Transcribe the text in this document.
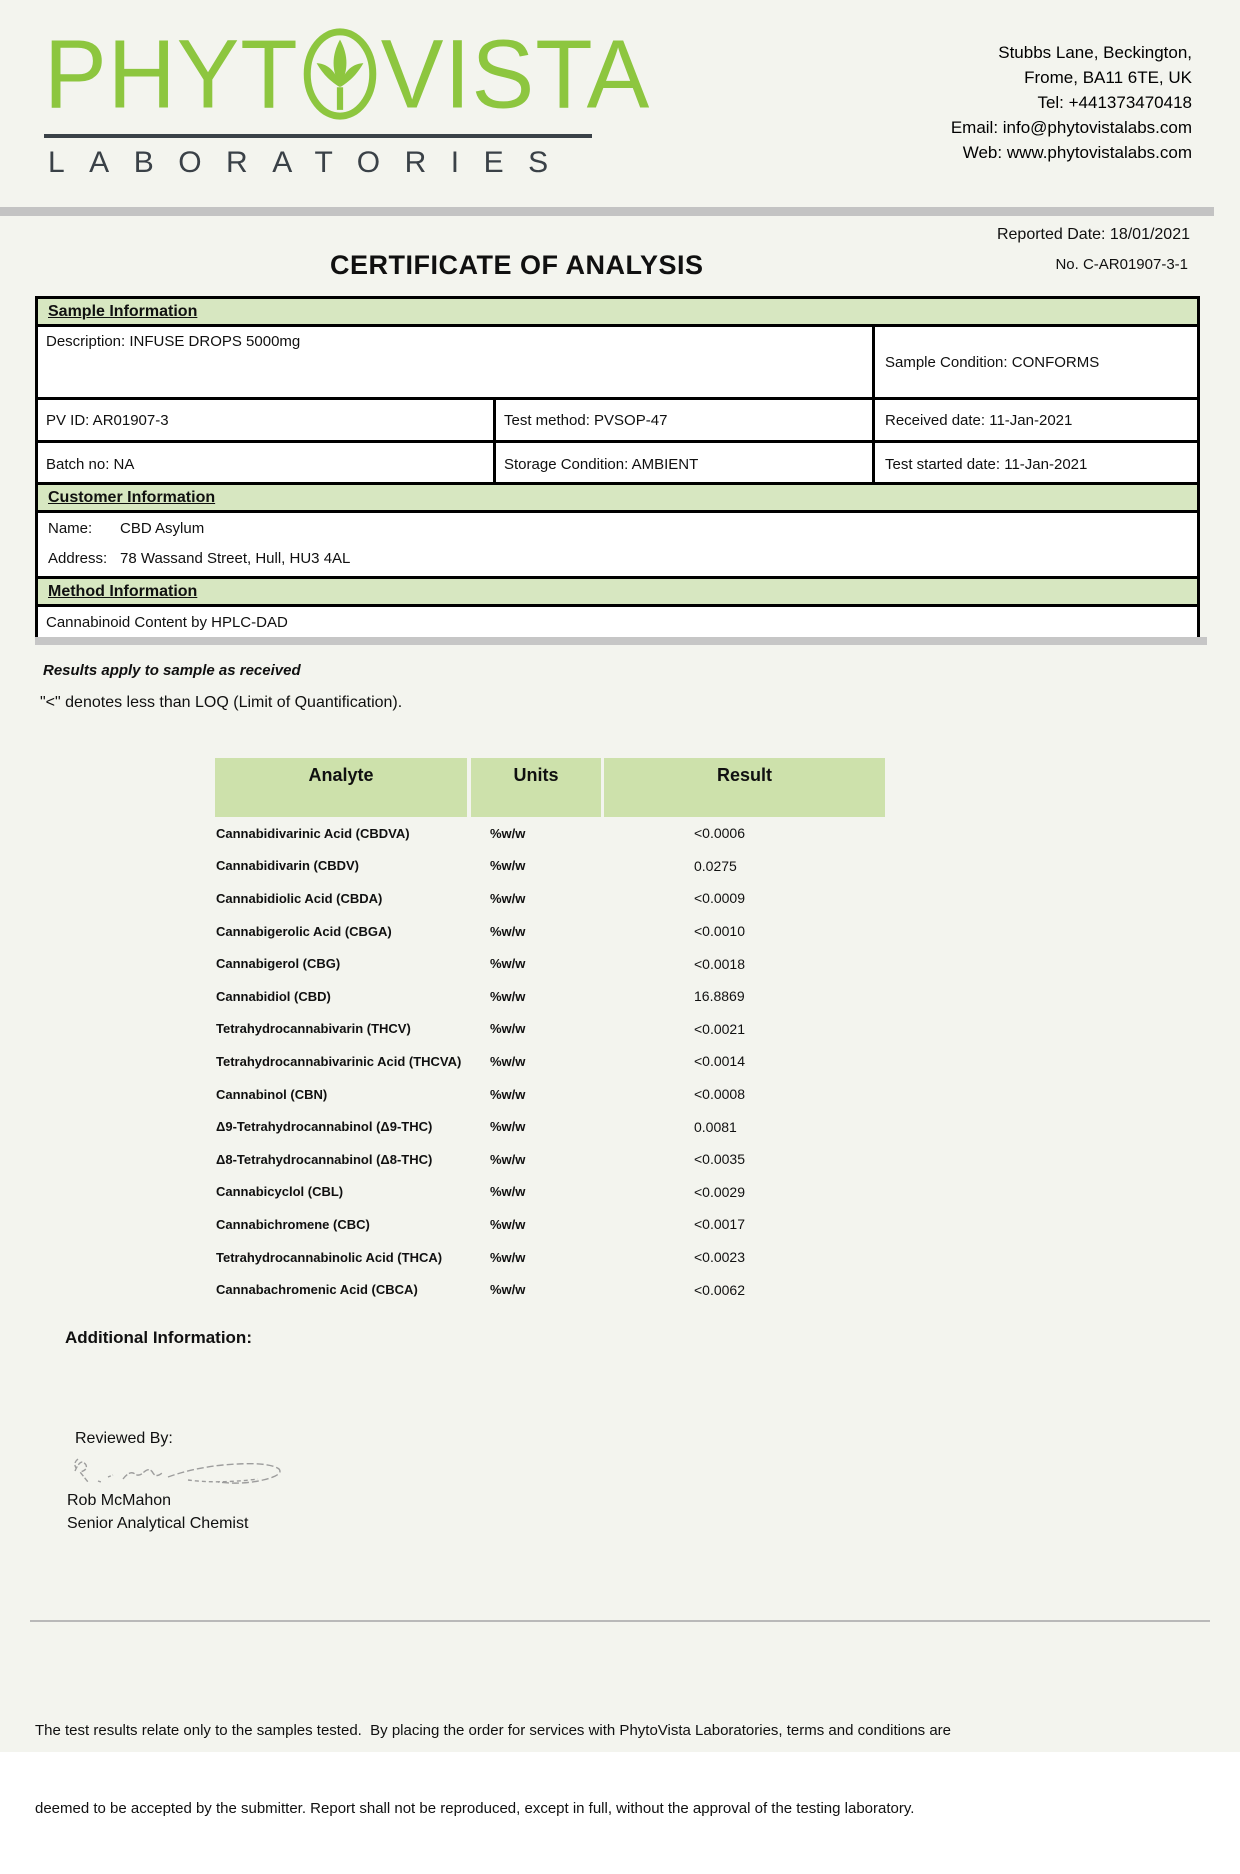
PHYT VISTA
LABORATORIES
Stubbs Lane, Beckington,
Frome, BA11 6TE, UK
Tel: +441373470418
Email: info@phytovistalabs.com
Web: www.phytovistalabs.com
Reported Date: 18/01/2021
CERTIFICATE OF ANALYSIS	No. C-AR01907-3-1
Sample Information
Description: INFUSE DROPS 5000mg
Sample Condition: CONFORMS
PV ID: AR01907-3	Test method: PVSOP-47	Received date: 11-Jan-2021
Batch no: NA	Storage Condition: AMBIENT	Test started date: 11-Jan-2021
Customer Information
Name:	CBD Asylum
Address: 78 Wassand Street, Hull, HU3 4AL
Method Information
Cannabinoid Content by HPLC-DAD
Results apply to sample as received
"<" denotes less than LOQ (Limit of Quantification).
Analyte	Units	Result
Cannabidivarinic Acid (CBDVA)	%w/w	<0.0006
Cannabidivarin (CBDV)	%w/w	0.0275
Cannabidiolic Acid (CBDA)	%w/w	<0.0009
Cannabigerolic Acid (CBGA)	%w/w	<0.0010
Cannabigerol (CBG)	%w/w	<0.0018
Cannabidiol (CBD)	%w/w	16.8869
Tetrahydrocannabivarin (THCV)	%w/w	<0.0021
Tetrahydrocannabivarinic Acid (THCVA)	%w/w	<0.0014
Cannabinol (CBN)	%w/w	<0.0008
Δ9-Tetrahydrocannabinol (Δ9-THC)	%w/w	0.0081
Δ8-Tetrahydrocannabinol (Δ8-THC)	%w/w	<0.0035
Cannabicyclol (CBL)	%w/w	<0.0029
Cannabichromene (CBC)	%w/w	<0.0017
Tetrahydrocannabinolic Acid (THCA)	%w/w	<0.0023
Cannabachromenic Acid (CBCA)	%w/w	<0.0062
Additional Information:
Reviewed By:
Rob McMahon
Senior Analytical Chemist

The test results relate only to the samples tested.  By placing the order for services with PhytoVista Laboratories, terms and conditions are

deemed to be accepted by the submitter. Report shall not be reproduced, except in full, without the approval of the testing laboratory.
